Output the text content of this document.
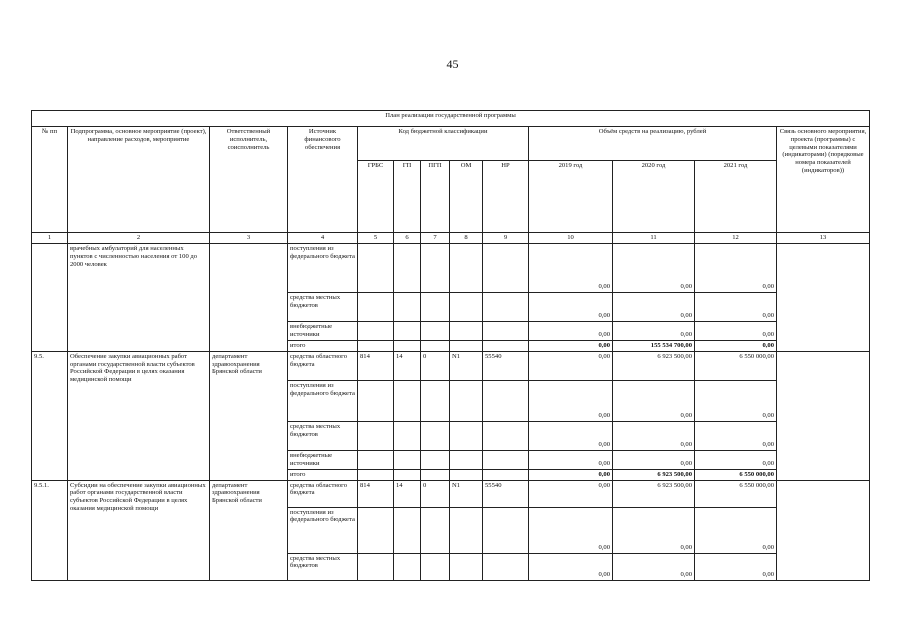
45
План реализации государственной программы												
№ пп	Подпрограмма, основное мероприятие (проект), направление расходов, мероприятие	Ответственный исполнитель, соисполнитель	Источник финансового обеспечения	Код бюджетной классификации					Объём средств на реализацию, рублей			Связь основного мероприятия, проекта (программы) с целевыми показателями (индикаторами) (порядковые номера показателей (индикаторов))
				ГРБС	ГП	ПГП	ОМ	НР	2019 год	2020 год	2021 год	
1	2	3	4	5	6	7	8	9	10	11	12	13
	врачебных амбулаторий для населенных пунктов с численностью населения от 100 до 2000 человек		поступления из федерального бюджета						0,00	0,00	0,00	
			средства местных бюджетов						0,00	0,00	0,00	
			внебюджетные источники						0,00	0,00	0,00	
			итого						0,00	155 534 700,00	0,00	
9.5.	Обеспечение закупки авиационных работ органами государственной власти субъектов Российской Федерации в целях оказания медицинской помощи	департамент здравоохранения Брянской области	средства областного бюджета	814	14	0	N1	55540	0,00	6 923 500,00	6 550 000,00	
			поступления из федерального бюджета						0,00	0,00	0,00	
			средства местных бюджетов						0,00	0,00	0,00	
			внебюджетные источники						0,00	0,00	0,00	
			итого						0,00	6 923 500,00	6 550 000,00	
9.5.1.	Субсидии на обеспечение закупки авиационных работ органами государственной власти субъектов Российской Федерации в целях оказания медицинской помощи	департамент здравоохранения Брянской области	средства областного бюджета	814	14	0	N1	55540	0,00	6 923 500,00	6 550 000,00	
			поступления из федерального бюджета						0,00	0,00	0,00	
			средства местных бюджетов						0,00	0,00	0,00	
